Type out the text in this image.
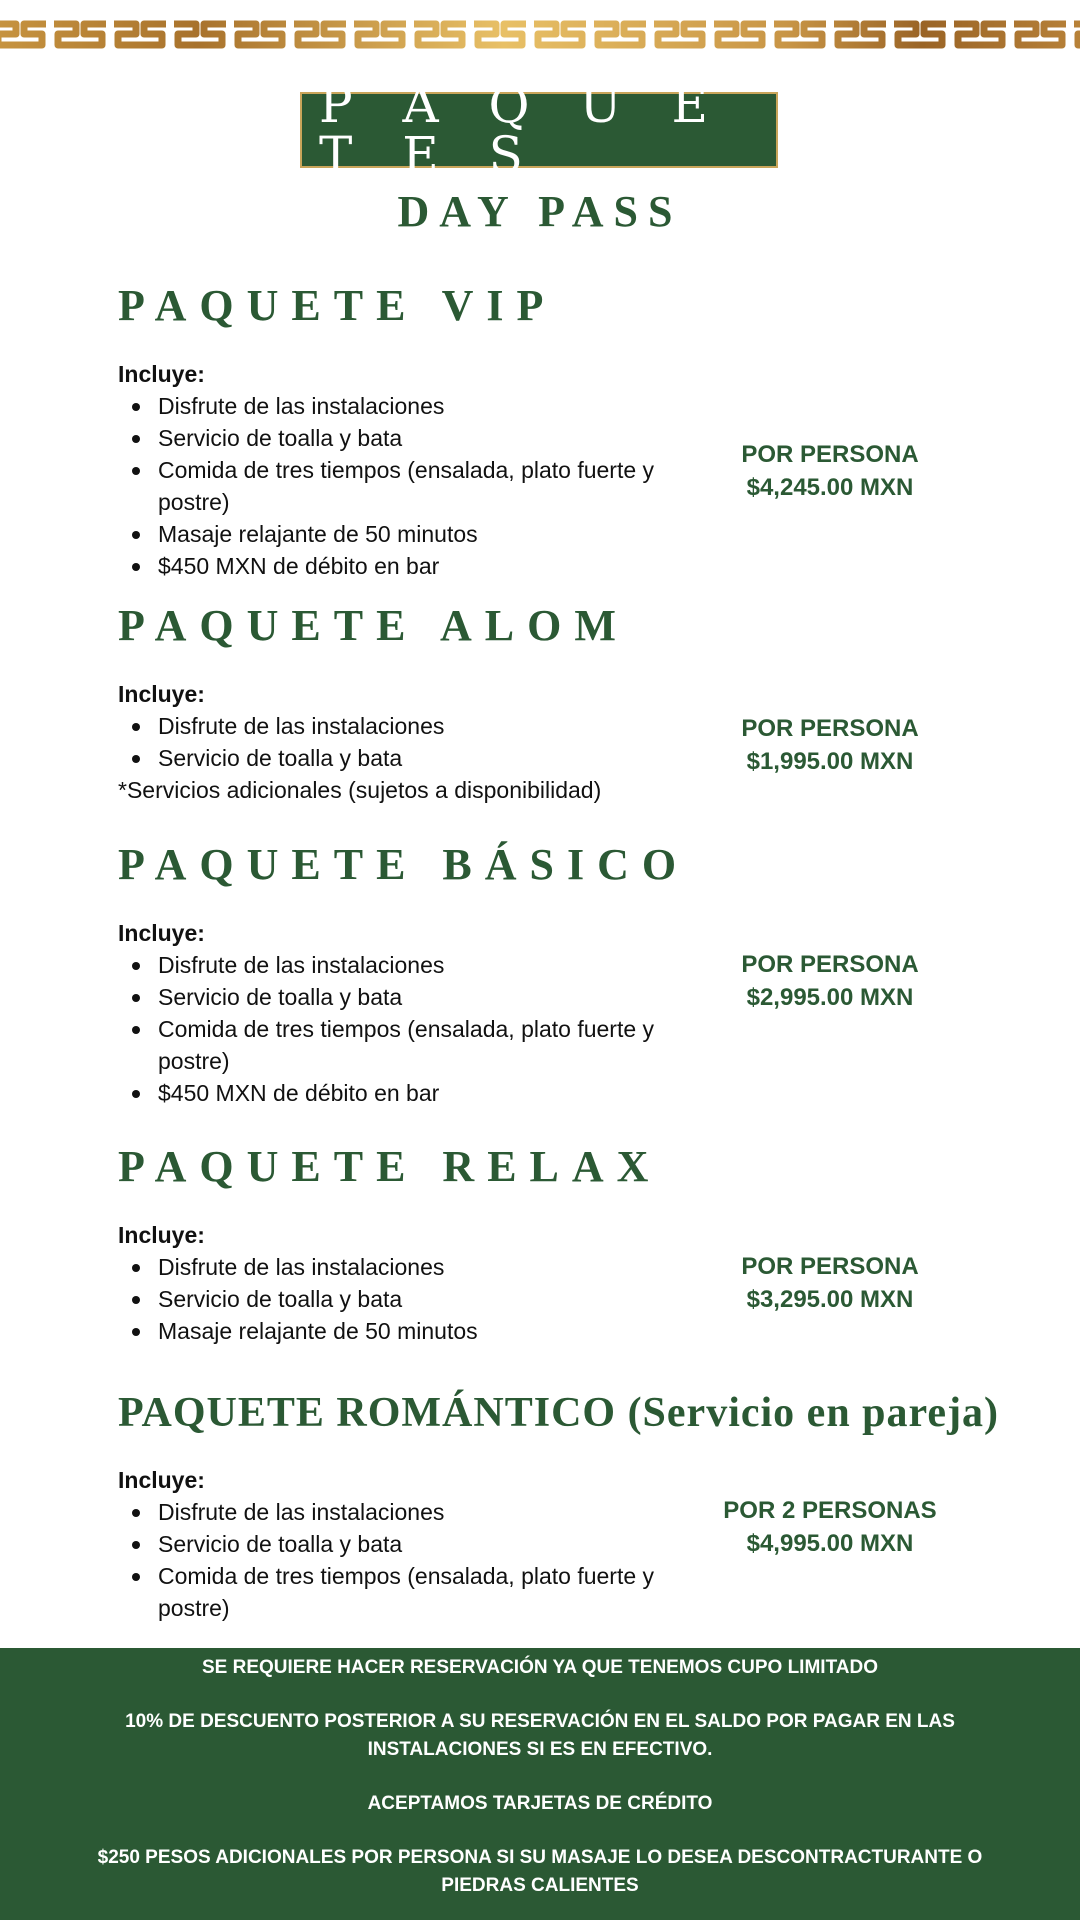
P A Q U E T E S
DAY PASS
PAQUETE VIP
Incluye:
Disfrute de las instalaciones
Servicio de toalla y bata
Comida de tres tiempos (ensalada, plato fuerte y postre)
Masaje relajante de 50 minutos
$450 MXN de débito en bar
POR PERSONA
$4,245.00 MXN
PAQUETE ALOM
Incluye:
Disfrute de las instalaciones
Servicio de toalla y bata
*Servicios adicionales (sujetos a disponibilidad)
POR PERSONA
$1,995.00 MXN
PAQUETE BÁSICO
Incluye:
Disfrute de las instalaciones
Servicio de toalla y bata
Comida de tres tiempos (ensalada, plato fuerte y postre)
$450 MXN de débito en bar
POR PERSONA
$2,995.00 MXN
PAQUETE RELAX
Incluye:
Disfrute de las instalaciones
Servicio de toalla y bata
Masaje relajante de 50 minutos
POR PERSONA
$3,295.00 MXN
PAQUETE ROMÁNTICO (Servicio en pareja)
Incluye:
Disfrute de las instalaciones
Servicio de toalla y bata
Comida de tres tiempos (ensalada, plato fuerte y postre)
POR 2 PERSONAS
$4,995.00 MXN

SE REQUIERE HACER RESERVACIÓN YA QUE TENEMOS CUPO LIMITADO

10% DE DESCUENTO POSTERIOR A SU RESERVACIÓN EN EL SALDO POR PAGAR EN LAS INSTALACIONES SI ES EN EFECTIVO.

ACEPTAMOS TARJETAS DE CRÉDITO

$250 PESOS ADICIONALES POR PERSONA SI SU MASAJE LO DESEA DESCONTRACTURANTE O PIEDRAS CALIENTES
